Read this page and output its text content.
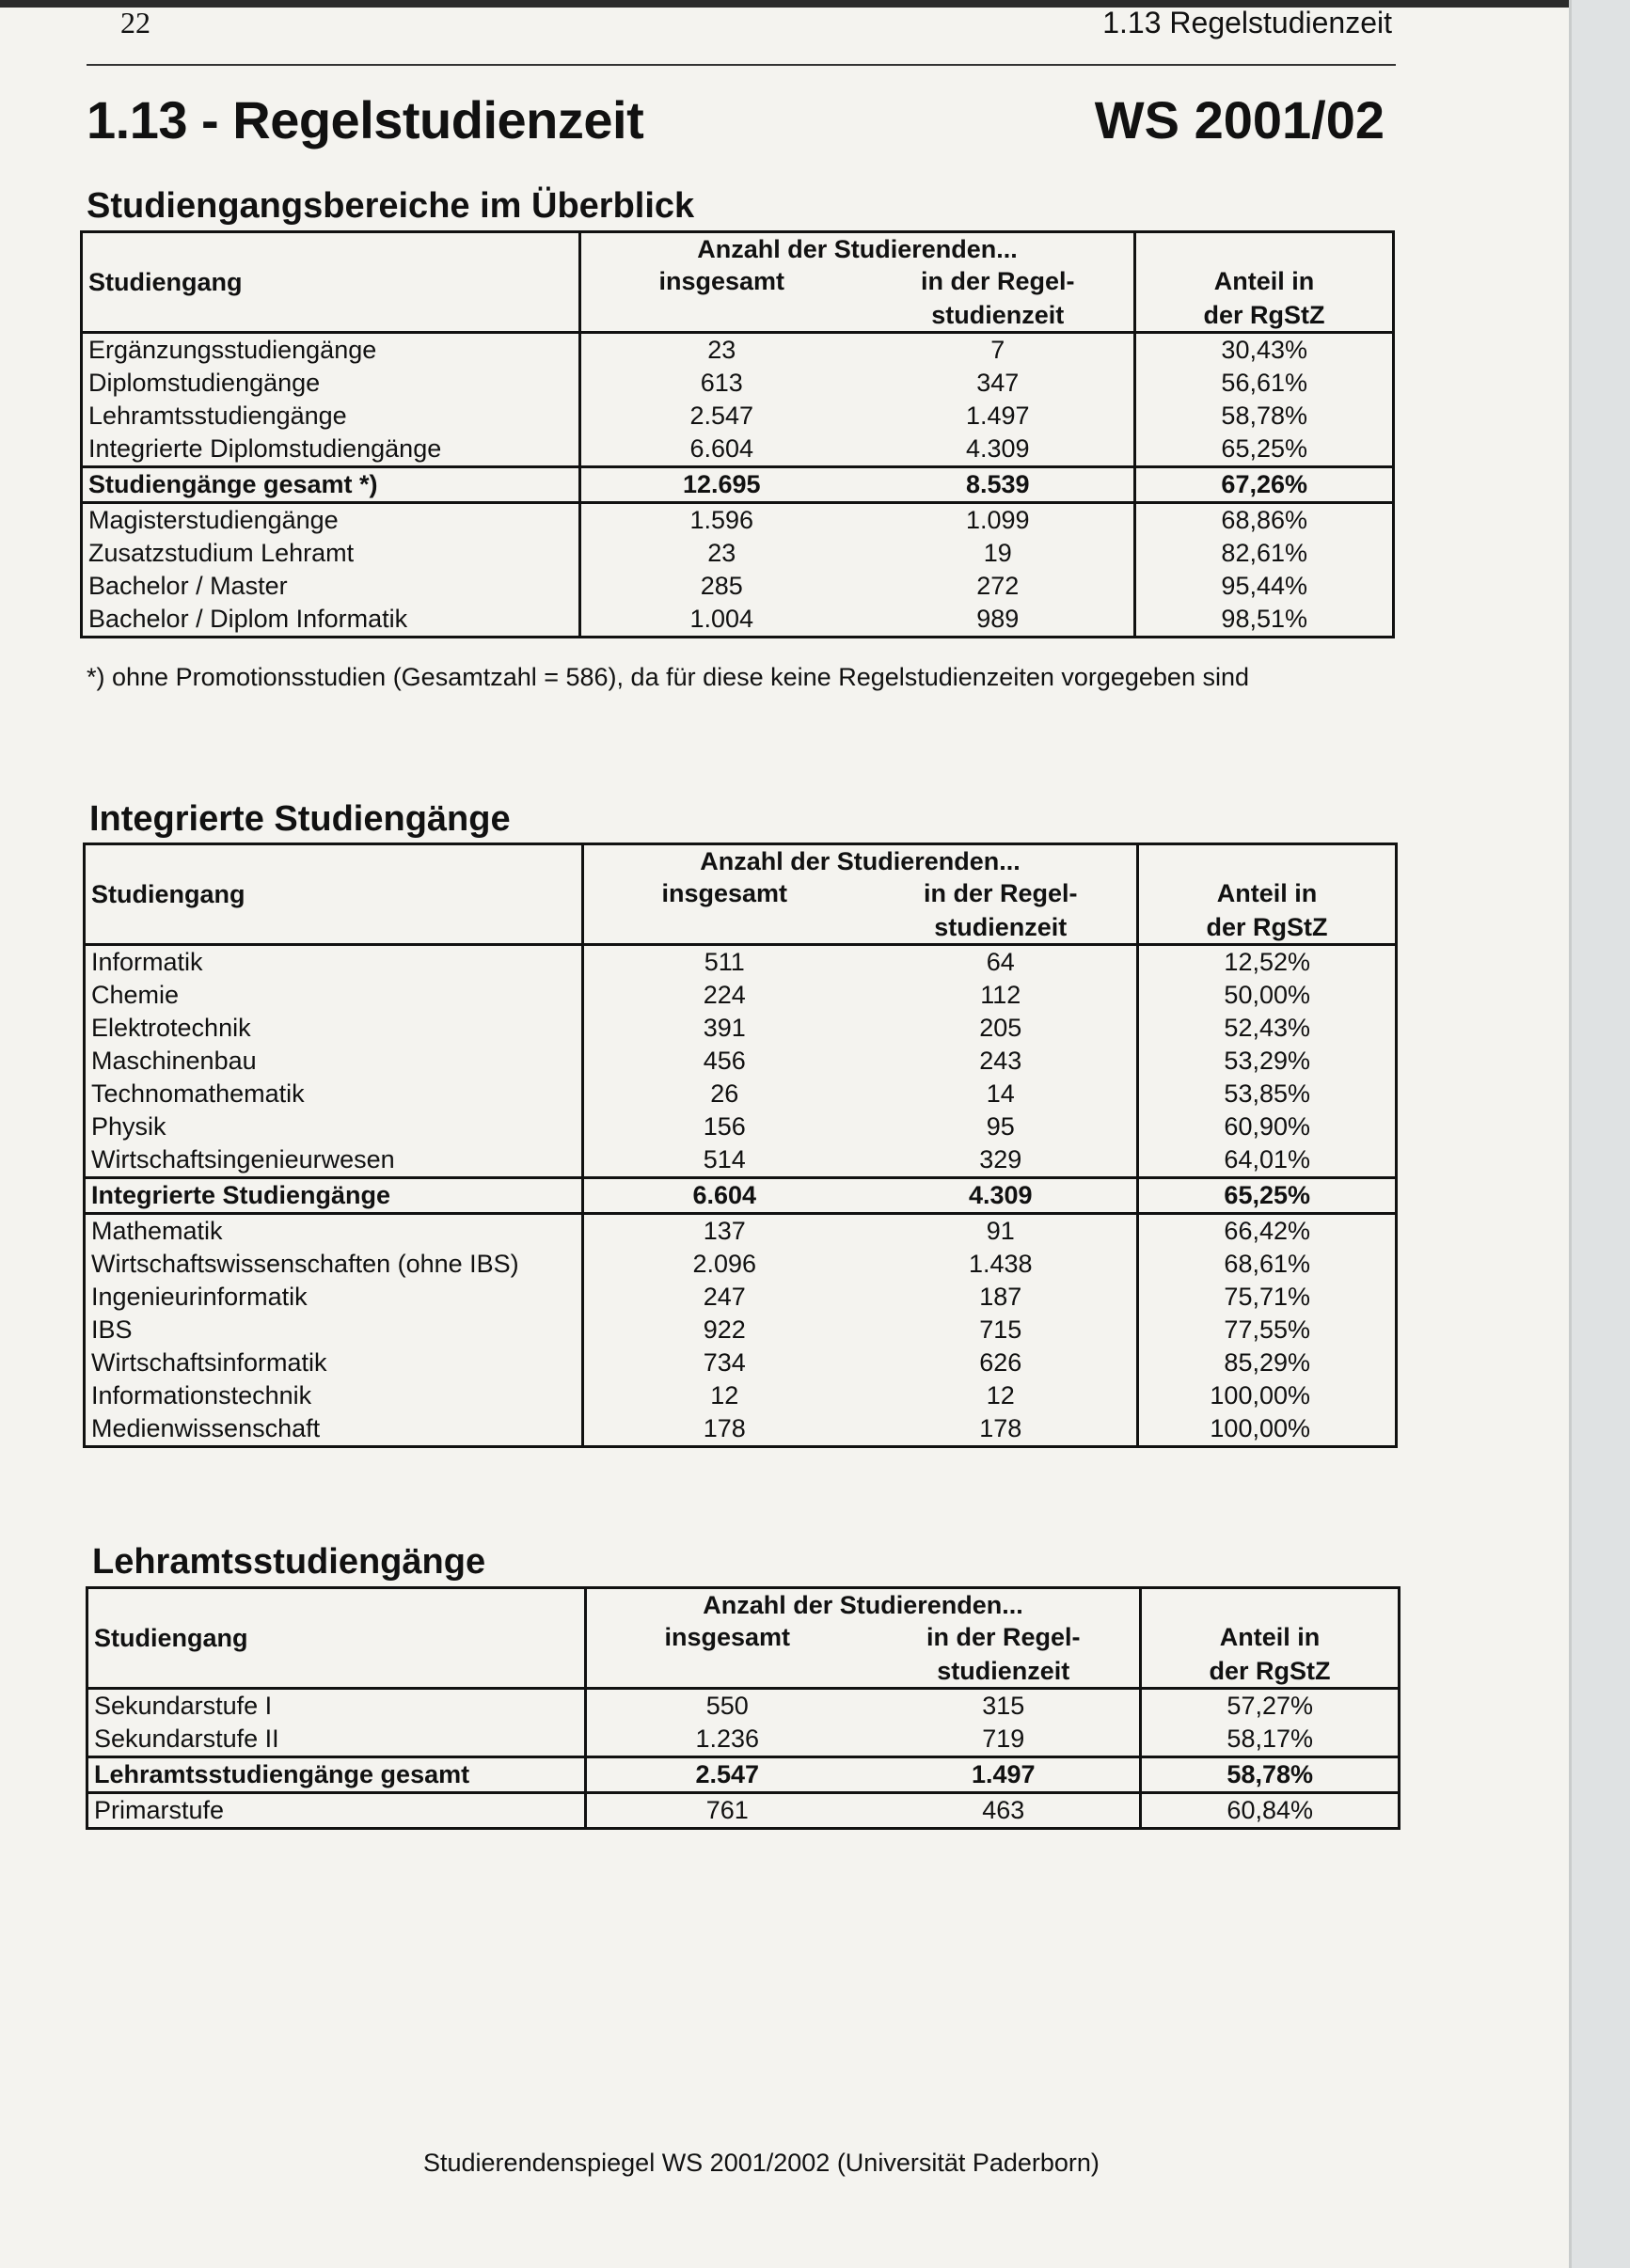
22	1.13 Regelstudienzeit
1.13 - Regelstudienzeit	WS 2001/02
Studiengangsbereiche im Überblick
Studiengang	Anzahl der Studierenden...		
	insgesamt	in der Regel-	Anteil in
		studienzeit	der RgStZ
Ergänzungsstudiengänge	23	7	30,43%
Diplomstudiengänge	613	347	56,61%
Lehramtsstudiengänge	2.547	1.497	58,78%
Integrierte Diplomstudiengänge	6.604	4.309	65,25%
Studiengänge gesamt *)	12.695	8.539	67,26%
Magisterstudiengänge	1.596	1.099	68,86%
Zusatzstudium Lehramt	23	19	82,61%
Bachelor / Master	285	272	95,44%
Bachelor / Diplom Informatik	1.004	989	98,51%
*) ohne Promotionsstudien (Gesamtzahl = 586), da für diese keine Regelstudienzeiten vorgegeben sind
Integrierte Studiengänge
Studiengang	Anzahl der Studierenden...		
	insgesamt	in der Regel-	Anteil in
		studienzeit	der RgStZ
Informatik	511	64	12,52%
Chemie	224	112	50,00%
Elektrotechnik	391	205	52,43%
Maschinenbau	456	243	53,29%
Technomathematik	26	14	53,85%
Physik	156	95	60,90%
Wirtschaftsingenieurwesen	514	329	64,01%
Integrierte Studiengänge	6.604	4.309	65,25%
Mathematik	137	91	66,42%
Wirtschaftswissenschaften (ohne IBS)	2.096	1.438	68,61%
Ingenieurinformatik	247	187	75,71%
IBS	922	715	77,55%
Wirtschaftsinformatik	734	626	85,29%
Informationstechnik	12	12	100,00%
Medienwissenschaft	178	178	100,00%
Lehramtsstudiengänge
Studiengang	Anzahl der Studierenden...		
	insgesamt	in der Regel-	Anteil in
		studienzeit	der RgStZ
Sekundarstufe I	550	315	57,27%
Sekundarstufe II	1.236	719	58,17%
Lehramtsstudiengänge gesamt	2.547	1.497	58,78%
Primarstufe	761	463	60,84%
Studierendenspiegel WS 2001/2002 (Universität Paderborn)
